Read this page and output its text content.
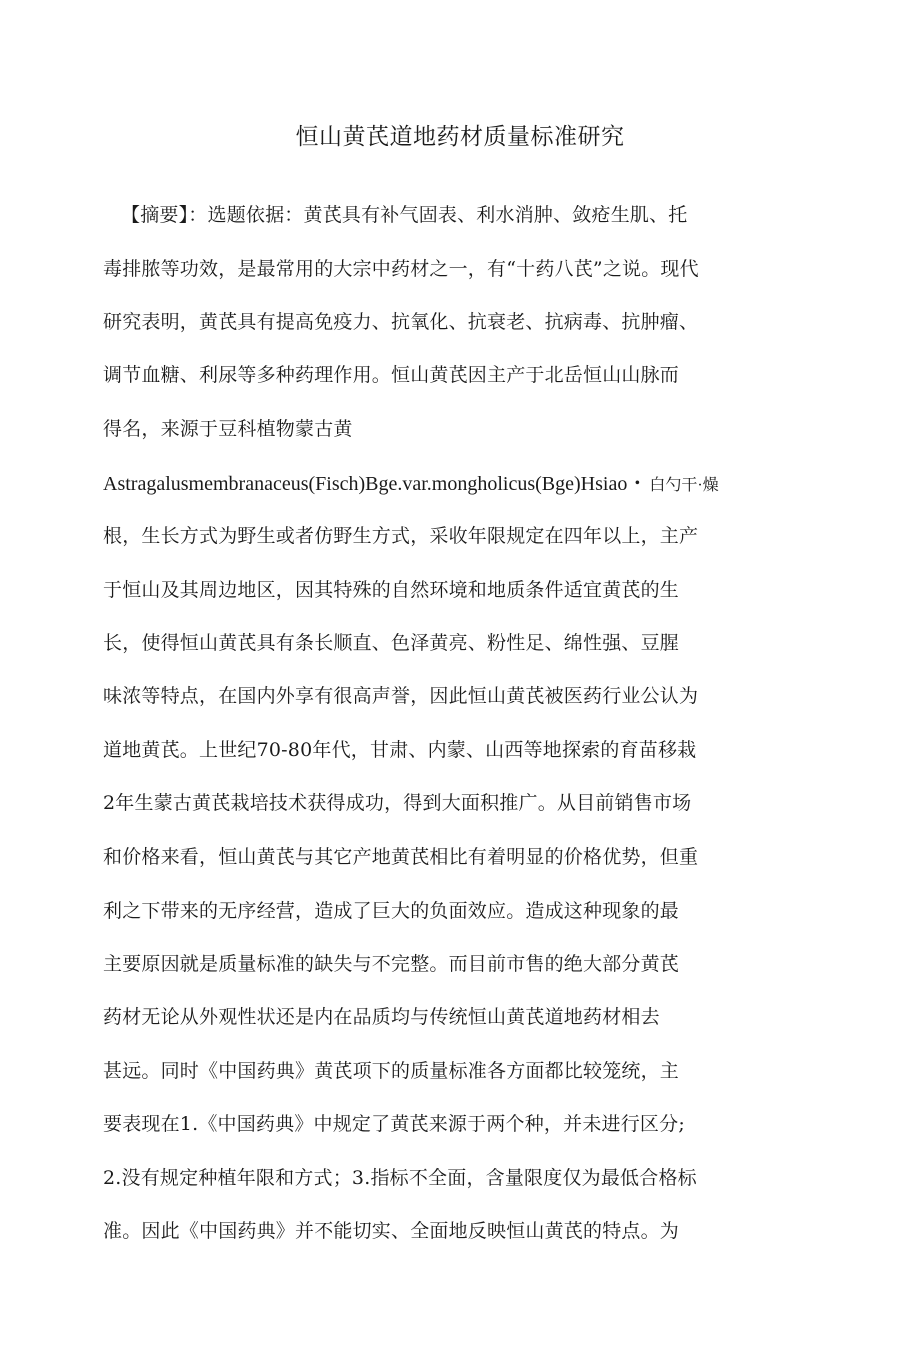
恒山黄芪道地药材质量标准研究
【摘要】：选题依据：黄芪具有补气固表、利水消肿、敛疮生肌、托
毒排脓等功效，是最常用的大宗中药材之一，有“十药八芪”之说。现代
研究表明，黄芪具有提高免疫力、抗氧化、抗衰老、抗病毒、抗肿瘤、
调节血糖、利尿等多种药理作用。恒山黄芪因主产于北岳恒山山脉而
得名，来源于豆科植物蒙古黄
Astragalusmembranaceus(Fisch)Bge.var.mongholicus(Bge)Hsiao・ 白勺干·燥
根，生长方式为野生或者仿野生方式，采收年限规定在四年以上，主产
于恒山及其周边地区，因其特殊的自然环境和地质条件适宜黄芪的生
长，使得恒山黄芪具有条长顺直、色泽黄亮、粉性足、绵性强、豆腥
味浓等特点，在国内外享有很高声誉，因此恒山黄芪被医药行业公认为
道地黄芪。上世纪70-80年代，甘肃、内蒙、山西等地探索的育苗移栽
2年生蒙古黄芪栽培技术获得成功，得到大面积推广。从目前销售市场
和价格来看，恒山黄芪与其它产地黄芪相比有着明显的价格优势，但重
利之下带来的无序经营，造成了巨大的负面效应。造成这种现象的最
主要原因就是质量标准的缺失与不完整。而目前市售的绝大部分黄芪
药材无论从外观性状还是内在品质均与传统恒山黄芪道地药材相去
甚远。同时《中国药典》黄芪项下的质量标准各方面都比较笼统，主
要表现在1.《中国药典》中规定了黄芪来源于两个种，并未进行区分;
2.没有规定种植年限和方式；3.指标不全面，含量限度仅为最低合格标
准。因此《中国药典》并不能切实、全面地反映恒山黄芪的特点。为
